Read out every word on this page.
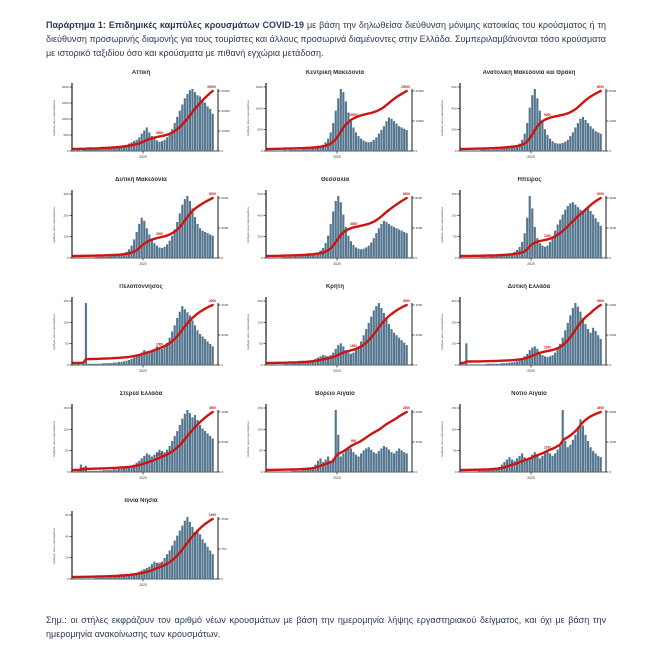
Παράρτημα 1: Επιδημικές καμπύλες κρουσμάτων COVID-19 με βάση την δηλωθείσα διεύθυνση μόνιμης κατοικίας του κρούσματος ή τη διεύθυνση προσωρινής διαμονής για τους τουρίστες και άλλους προσωρινά διαμένοντες στην Ελλάδα. Συμπεριλαμβάνονται τόσο κρούσματα με ιστορικό ταξιδίου όσο και κρούσματα με πιθανή εγχώρια μετάδοση.

Αττική
0
500
1000
1500
2000
0
10000
20000
30000
Αριθμός νέων κρουσμάτων	9000
30000
2020
Κεντρική Μακεδονία
0
500
1000
1500
0
10000
20000
Αριθμός νέων κρουσμάτων	15000
25000
2020
Ανατολική Μακεδονία και Θράκη
0
200
400
600
0
4000
8000
Αριθμός νέων κρουσμάτων	5000
8000
2020
Δυτική Μακεδονία
0
100
200
300
0
2000
4000
Αριθμός νέων κρουσμάτων	2000
5000
2020
Θεσσαλία
0
200
400
600
0
4000
8000
Αριθμός νέων κρουσμάτων	4000
8000
2020
Ήπειρος
0
50
100
150
0
1500
3000
Αριθμός νέων κρουσμάτων	1200
3000
2020
Πελοπόννησος
0
50
100
150
0
2000
4000
Αριθμός νέων κρουσμάτων	1500
4000
2020
Κρήτη
0
50
100
150
0
2000
4000
Αριθμός νέων κρουσμάτων	1500
4500
2020
Δυτική Ελλάδα
0
100
200
300
0
2000
4000
Αριθμός νέων κρουσμάτων	1200
4000
2020
Στερεά Ελλάδα
0
50
100
150
0
2000
4000
Αριθμός νέων κρουσμάτων	1500
4500
2020
Βόρειο Αιγαίο
0
50
100
150
0
1000
2000
Αριθμός νέων κρουσμάτων	900
2000
2020
Νότιο Αιγαίο
0
50
100
150
0
1000
2000
Αριθμός νέων κρουσμάτων	1100
2600
2020
Ιόνια Νησιά
0
20
40
60
0
750
1500
Αριθμός νέων κρουσμάτων	400
1500
2020

Σημ.: οι στήλες εκφράζουν τον αριθμό νέων κρουσμάτων με βάση την ημερομηνία λήψης εργαστηριακού δείγματος, και όχι με βάση την ημερομηνία ανακοίνωσης των κρουσμάτων.
